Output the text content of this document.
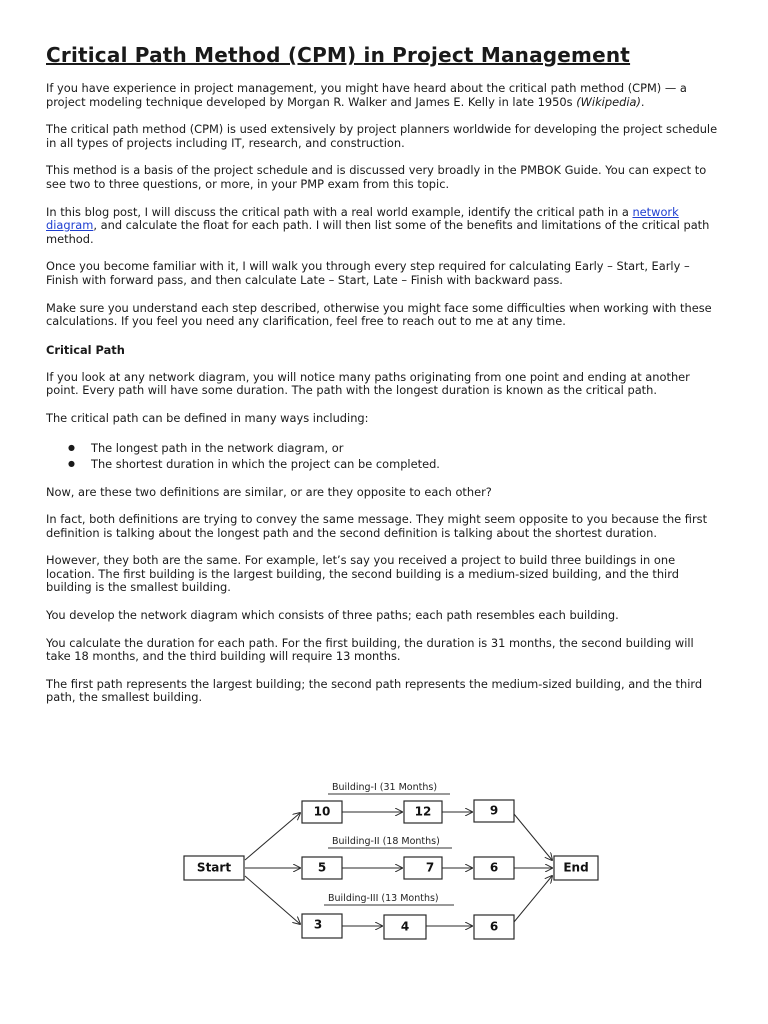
Critical Path Method (CPM) in Project Management

If you have experience in project management, you might have heard about the critical path method (CPM) — a project modeling technique developed by Morgan R. Walker and James E. Kelly in late 1950s (Wikipedia).

The critical path method (CPM) is used extensively by project planners worldwide for developing the project schedule in all types of projects including IT, research, and construction.

This method is a basis of the project schedule and is discussed very broadly in the PMBOK Guide. You can expect to see two to three questions, or more, in your PMP exam from this topic.

In this blog post, I will discuss the critical path with a real world example, identify the critical path in a network diagram, and calculate the float for each path. I will then list some of the benefits and limitations of the critical path method.

Once you become familiar with it, I will walk you through every step required for calculating Early – Start, Early – Finish with forward pass, and then calculate Late – Start, Late – Finish with backward pass.

Make sure you understand each step described, otherwise you might face some difficulties when working with these calculations. If you feel you need any clarification, feel free to reach out to me at any time.

Critical Path

If you look at any network diagram, you will notice many paths originating from one point and ending at another point. Every path will have some duration. The path with the longest duration is known as the critical path.

The critical path can be defined in many ways including:

● The longest path in the network diagram, or
● The shortest duration in which the project can be completed.

Now, are these two definitions are similar, or are they opposite to each other?

In fact, both definitions are trying to convey the same message. They might seem opposite to you because the first definition is talking about the longest path and the second definition is talking about the shortest duration.

However, they both are the same. For example, let’s say you received a project to build three buildings in one location. The first building is the largest building, the second building is a medium-sized building, and the third building is the smallest building.

You develop the network diagram which consists of three paths; each path resembles each building.

You calculate the duration for each path. For the first building, the duration is 31 months, the second building will take 18 months, and the third building will require 13 months.

The first path represents the largest building; the second path represents the medium-sized building, and the third path, the smallest building.

Building-I (31 Months)
Building-II (18 Months)
Building-III (13 Months)
Start	End
10	12	9
5	7	6
3	4	6
